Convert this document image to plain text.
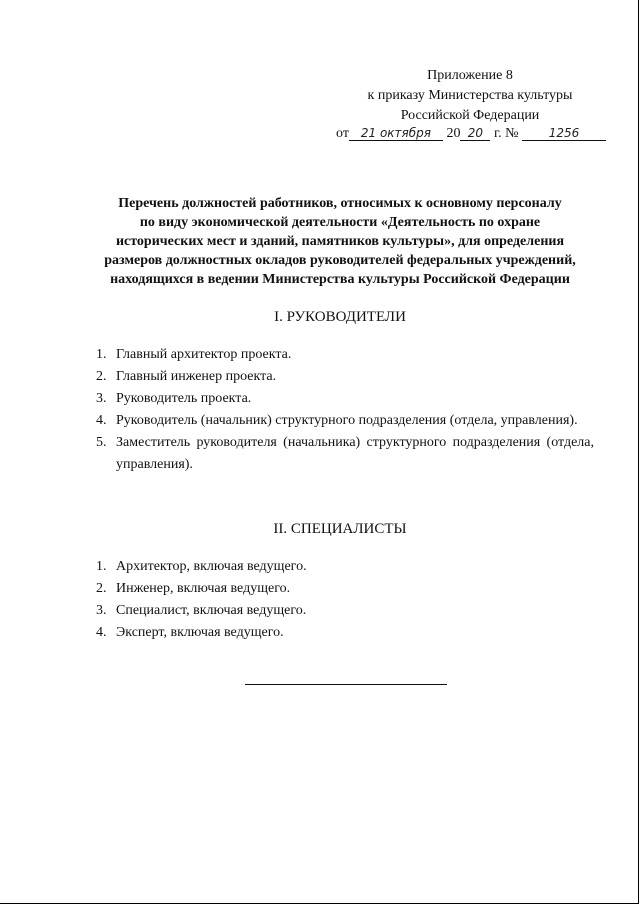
Приложение 8
к приказу Министерства культуры
Российской Федерации
от 21 октября 20 20 г. №	1256
Перечень должностей работников, относимых к основному персоналу
по виду экономической деятельности «Деятельность по охране
исторических мест и зданий, памятников культуры», для определения
размеров должностных окладов руководителей федеральных учреждений,
находящихся в ведении Министерства культуры Российской Федерации
I. РУКОВОДИТЕЛИ
1. Главный архитектор проекта.
2. Главный инженер проекта.
3. Руководитель проекта.
4. Руководитель (начальник) структурного подразделения (отдела, управления).
5. Заместитель руководителя (начальника) структурного подразделения (отдела, управления).
II. СПЕЦИАЛИСТЫ
1. Архитектор, включая ведущего.
2. Инженер, включая ведущего.
3. Специалист, включая ведущего.
4. Эксперт, включая ведущего.
